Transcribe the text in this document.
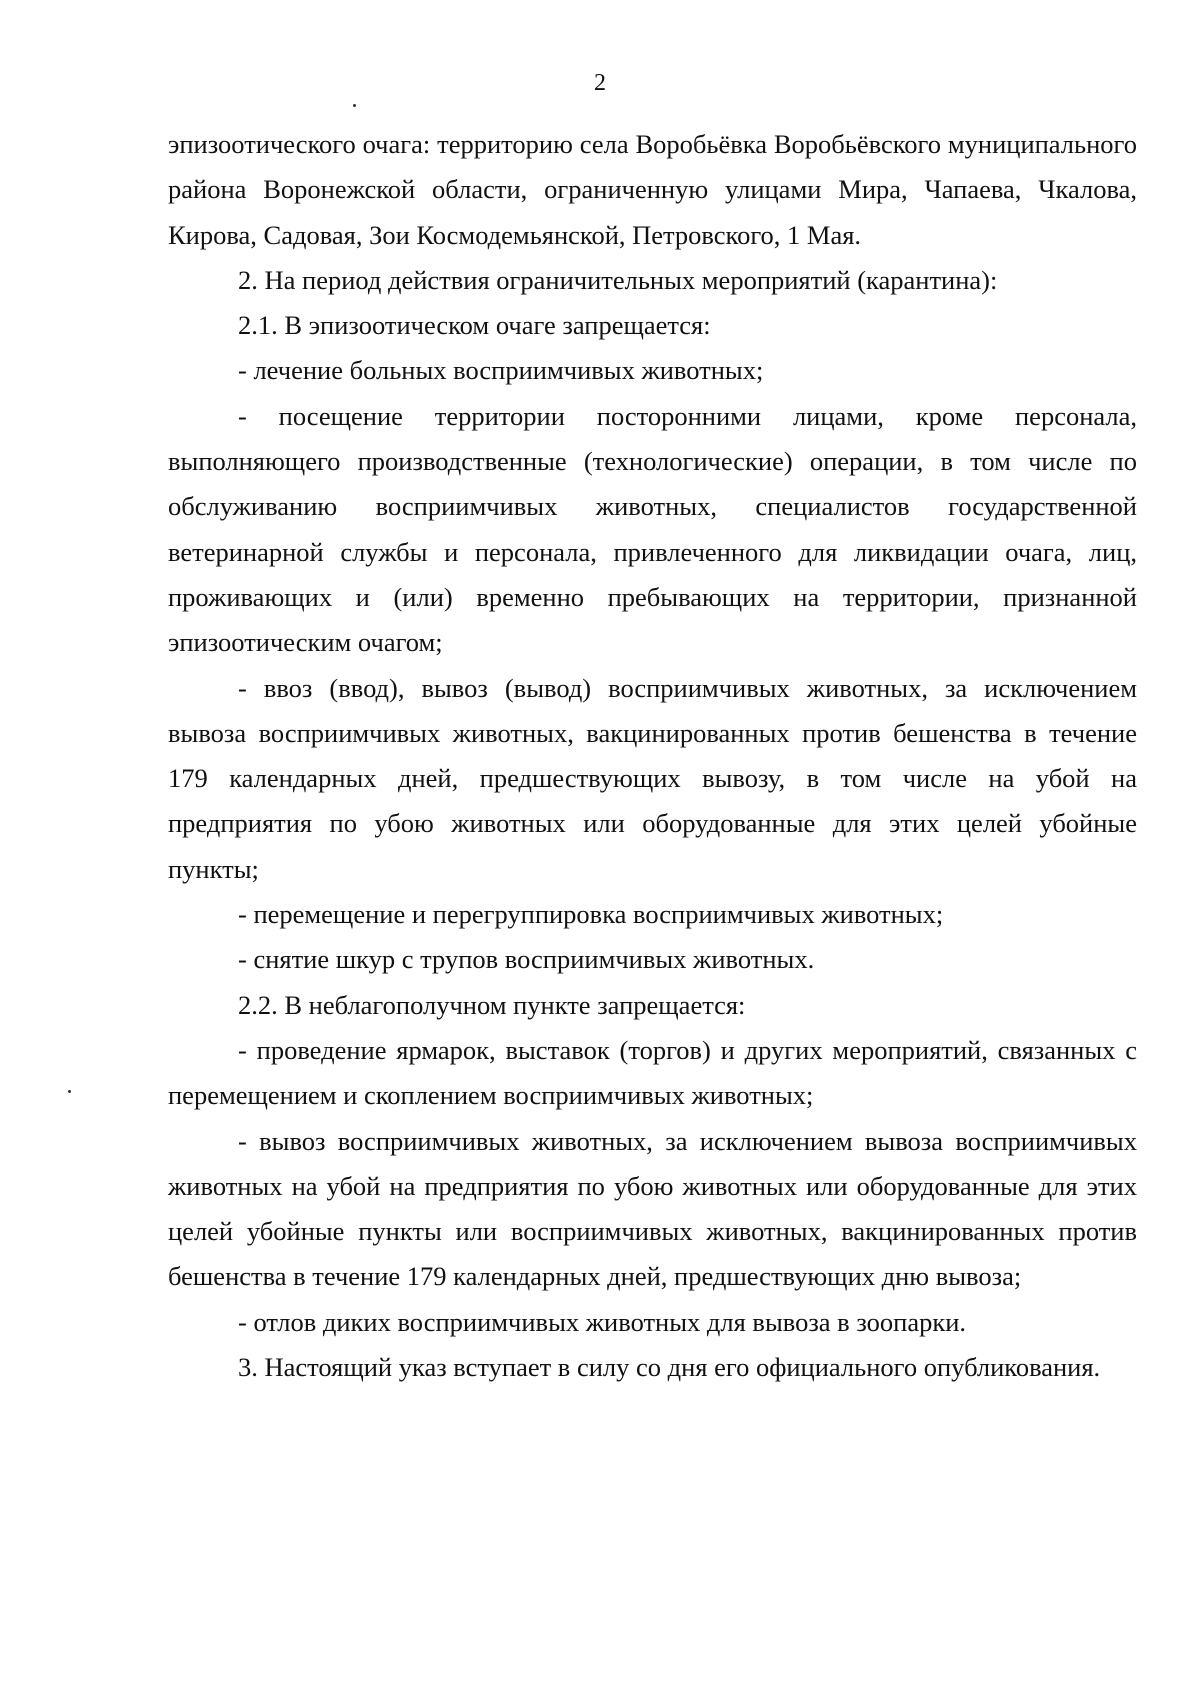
2

эпизоотического очага: территорию села Воробьёвка Воробьёвского муниципального района Воронежской области, ограниченную улицами Мира, Чапаева, Чкалова, Кирова, Садовая, Зои Космодемьянской, Петровского, 1 Мая.

2. На период действия ограничительных мероприятий (карантина):

2.1. В эпизоотическом очаге запрещается:

- лечение больных восприимчивых животных;

- посещение территории посторонними лицами, кроме персонала, выполняющего производственные (технологические) операции, в том числе по обслуживанию восприимчивых животных, специалистов государственной ветеринарной службы и персонала, привлеченного для ликвидации очага, лиц, проживающих и (или) временно пребывающих на территории, признанной эпизоотическим очагом;

- ввоз (ввод), вывоз (вывод) восприимчивых животных, за исключением вывоза восприимчивых животных, вакцинированных против бешенства в течение 179 календарных дней, предшествующих вывозу, в том числе на убой на предприятия по убою животных или оборудованные для этих целей убойные пункты;

- перемещение и перегруппировка восприимчивых животных;

- снятие шкур с трупов восприимчивых животных.

2.2. В неблагополучном пункте запрещается:

- проведение ярмарок, выставок (торгов) и других мероприятий, связанных с перемещением и скоплением восприимчивых животных;

- вывоз восприимчивых животных, за исключением вывоза восприимчивых животных на убой на предприятия по убою животных или оборудованные для этих целей убойные пункты или восприимчивых животных, вакцинированных против бешенства в течение 179 календарных дней, предшествующих дню вывоза;

- отлов диких восприимчивых животных для вывоза в зоопарки.

3. Настоящий указ вступает в силу со дня его официального опубликования.
